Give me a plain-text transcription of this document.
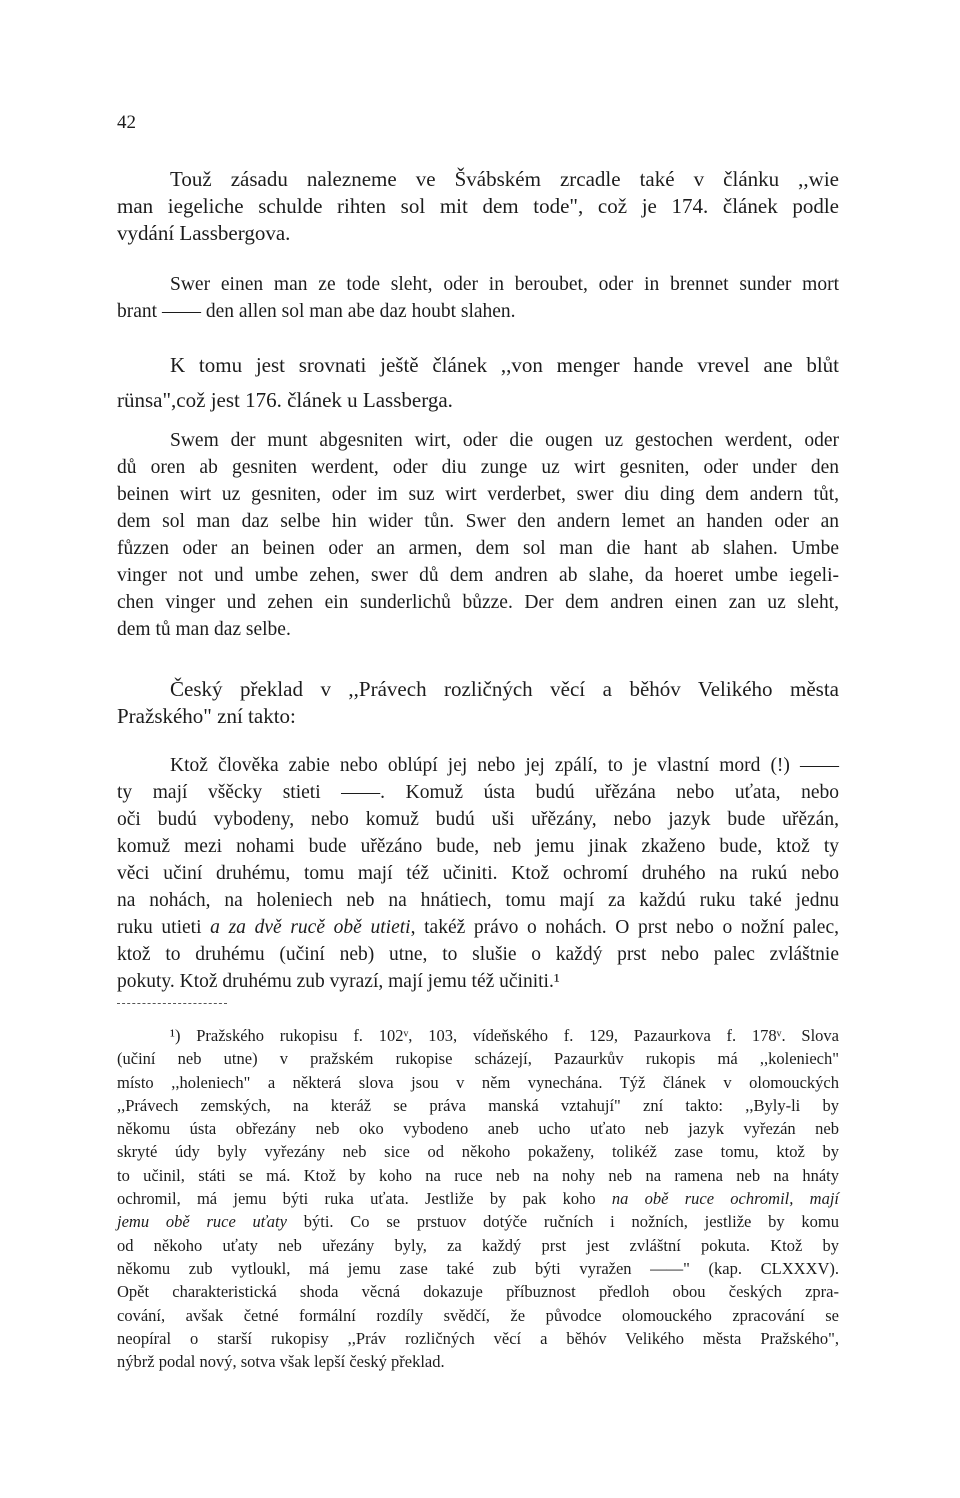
42
Touž zásadu nalezneme ve Švábském zrcadle také v článku ,,wie
man iegeliche schulde rihten sol mit dem tode", což je 174. článek podle
vydání Lassbergova.
Swer einen man ze tode sleht, oder in beroubet, oder in brennet sunder mort
brant —— den allen sol man abe daz houbt slahen.
K tomu jest srovnati ještě článek ,,von menger hande vrevel ane blůt
rünsa",což jest 176. článek u Lassberga.
Swem der munt abgesniten wirt, oder die ougen uz gestochen werdent, oder
dů oren ab gesniten werdent, oder diu zunge uz wirt gesniten, oder under den
beinen wirt uz gesniten, oder im suz wirt verderbet, swer diu ding dem andern tůt,
dem sol man daz selbe hin wider tůn. Swer den andern lemet an handen oder an
fůzzen oder an beinen oder an armen, dem sol man die hant ab slahen. Umbe
vinger not und umbe zehen, swer dů dem andren ab slahe, da hoeret umbe iegeli-
chen vinger und zehen ein sunderlichů bůzze. Der dem andren einen zan uz sleht,
dem tů man daz selbe.
Český překlad v ,,Právech rozličných věcí a běhóv Velikého města
Pražského" zní takto:
Ktož člověka zabie nebo oblúpí jej nebo jej zpálí, to je vlastní mord (!) ——
ty mají všěcky stieti ——. Komuž ústa budú uřězána nebo uťata, nebo
oči budú vybodeny, nebo komuž budú uši uřězány, nebo jazyk bude uřězán,
komuž mezi nohami bude uřězáno bude, neb jemu jinak zkaženo bude, ktož ty
věci učiní druhému, tomu mají též učiniti. Ktož ochromí druhého na rukú nebo
na nohách, na holeniech neb na hnátiech, tomu mají za každú ruku také jednu
ruku utieti a za dvě rucě obě utieti, takéž právo o nohách. O prst nebo o nožní palec,
ktož to druhému (učiní neb) utne, to slušie o každý prst nebo palec zvláštnie
pokuty. Ktož druhému zub vyrazí, mají jemu též učiniti.¹
¹) Pražského rukopisu f. 102ᵛ, 103, vídeňského f. 129, Pazaurkova f. 178ᵛ. Slova
(učiní neb utne) v pražském rukopise scházejí, Pazaurkův rukopis má ,,koleniech"
místo ,,holeniech" a některá slova jsou v něm vynechána. Týž článek v olomouckých
,,Právech zemských, na kteráž se práva manská vztahují" zní takto: ,,Byly-li by
někomu ústa obřezány neb oko vybodeno aneb ucho uťato neb jazyk vyřezán neb
skryté údy byly vyřezány neb sice od někoho pokaženy, tolikéž zase tomu, ktož by
to učinil, státi se má. Ktož by koho na ruce neb na nohy neb na ramena neb na hnáty
ochromil, má jemu býti ruka uťata. Jestliže by pak koho na obě ruce ochromil, mají
jemu obě ruce uťaty býti. Co se prstuov dotýče ručních i nožních, jestliže by komu
od někoho uťaty neb uřezány byly, za každý prst jest zvláštní pokuta. Ktož by
někomu zub vytloukl, má jemu zase také zub býti vyražen ——" (kap. CLXXXV).
Opět charakteristická shoda věcná dokazuje příbuznost předloh obou českých zpra-
cování, avšak četné formální rozdíly svědčí, že původce olomouckého zpracování se
neopíral o starší rukopisy ,,Práv rozličných věcí a běhóv Velikého města Pražského",
nýbrž podal nový, sotva však lepší český překlad.
